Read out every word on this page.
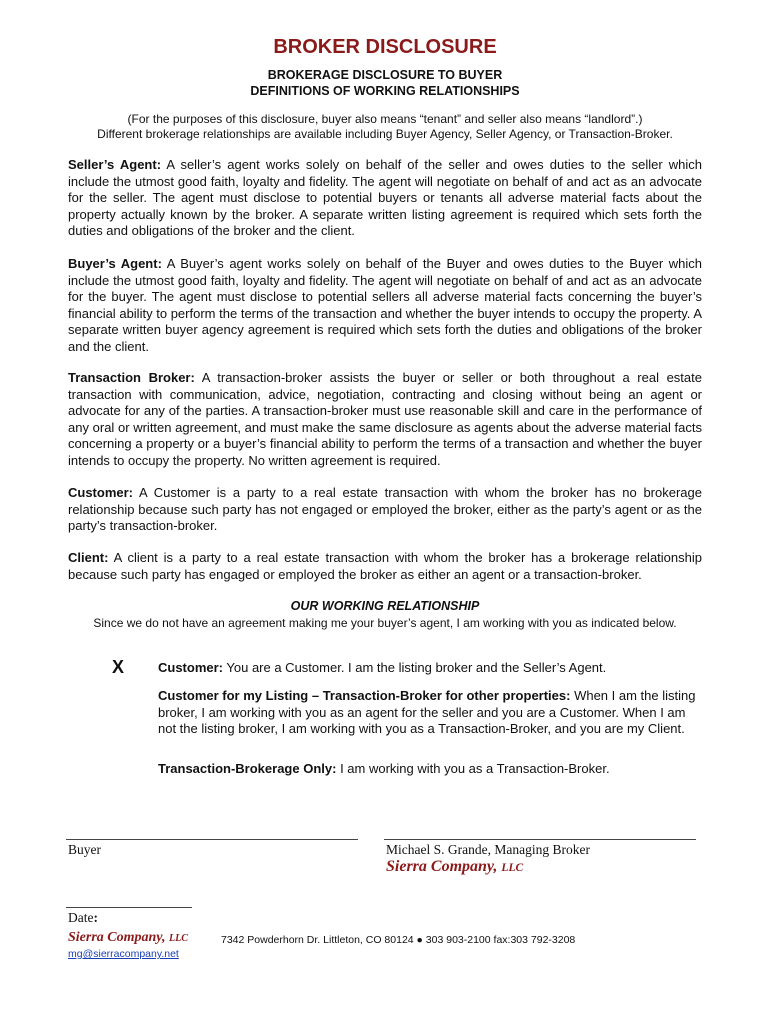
BROKER DISCLOSURE
BROKERAGE DISCLOSURE TO BUYER
DEFINITIONS OF WORKING RELATIONSHIPS
(For the purposes of this disclosure, buyer also means “tenant” and seller also means “landlord”.)
Different brokerage relationships are available including Buyer Agency, Seller Agency, or Transaction-Broker.
Seller’s Agent: A seller’s agent works solely on behalf of the seller and owes duties to the seller which include the utmost good faith, loyalty and fidelity. The agent will negotiate on behalf of and act as an advocate for the seller. The agent must disclose to potential buyers or tenants all adverse material facts about the property actually known by the broker. A separate written listing agreement is required which sets forth the duties and obligations of the broker and the client.
Buyer’s Agent: A Buyer’s agent works solely on behalf of the Buyer and owes duties to the Buyer which include the utmost good faith, loyalty and fidelity. The agent will negotiate on behalf of and act as an advocate for the buyer. The agent must disclose to potential sellers all adverse material facts concerning the buyer’s financial ability to perform the terms of the transaction and whether the buyer intends to occupy the property. A separate written buyer agency agreement is required which sets forth the duties and obligations of the broker and the client.
Transaction Broker: A transaction-broker assists the buyer or seller or both throughout a real estate transaction with communication, advice, negotiation, contracting and closing without being an agent or advocate for any of the parties. A transaction-broker must use reasonable skill and care in the performance of any oral or written agreement, and must make the same disclosure as agents about the adverse material facts concerning a property or a buyer’s financial ability to perform the terms of a transaction and whether the buyer intends to occupy the property. No written agreement is required.
Customer: A Customer is a party to a real estate transaction with whom the broker has no brokerage relationship because such party has not engaged or employed the broker, either as the party’s agent or as the party’s transaction-broker.
Client: A client is a party to a real estate transaction with whom the broker has a brokerage relationship because such party has engaged or employed the broker as either an agent or a transaction-broker.
OUR WORKING RELATIONSHIP
Since we do not have an agreement making me your buyer’s agent, I am working with you as indicated below.
X	Customer: You are a Customer. I am the listing broker and the Seller’s Agent.
Customer for my Listing – Transaction-Broker for other properties: When I am the listing broker, I am working with you as an agent for the seller and you are a Customer. When I am not the listing broker, I am working with you as a Transaction-Broker, and you are my Client.
Transaction-Brokerage Only: I am working with you as a Transaction-Broker.
Buyer	Michael S. Grande, Managing Broker
Sierra Company, LLC
Date:
Sierra Company, LLC	7342 Powderhorn Dr. Littleton, CO 80124 ● 303 903-2100 fax:303 792-3208
mg@sierracompany.net
